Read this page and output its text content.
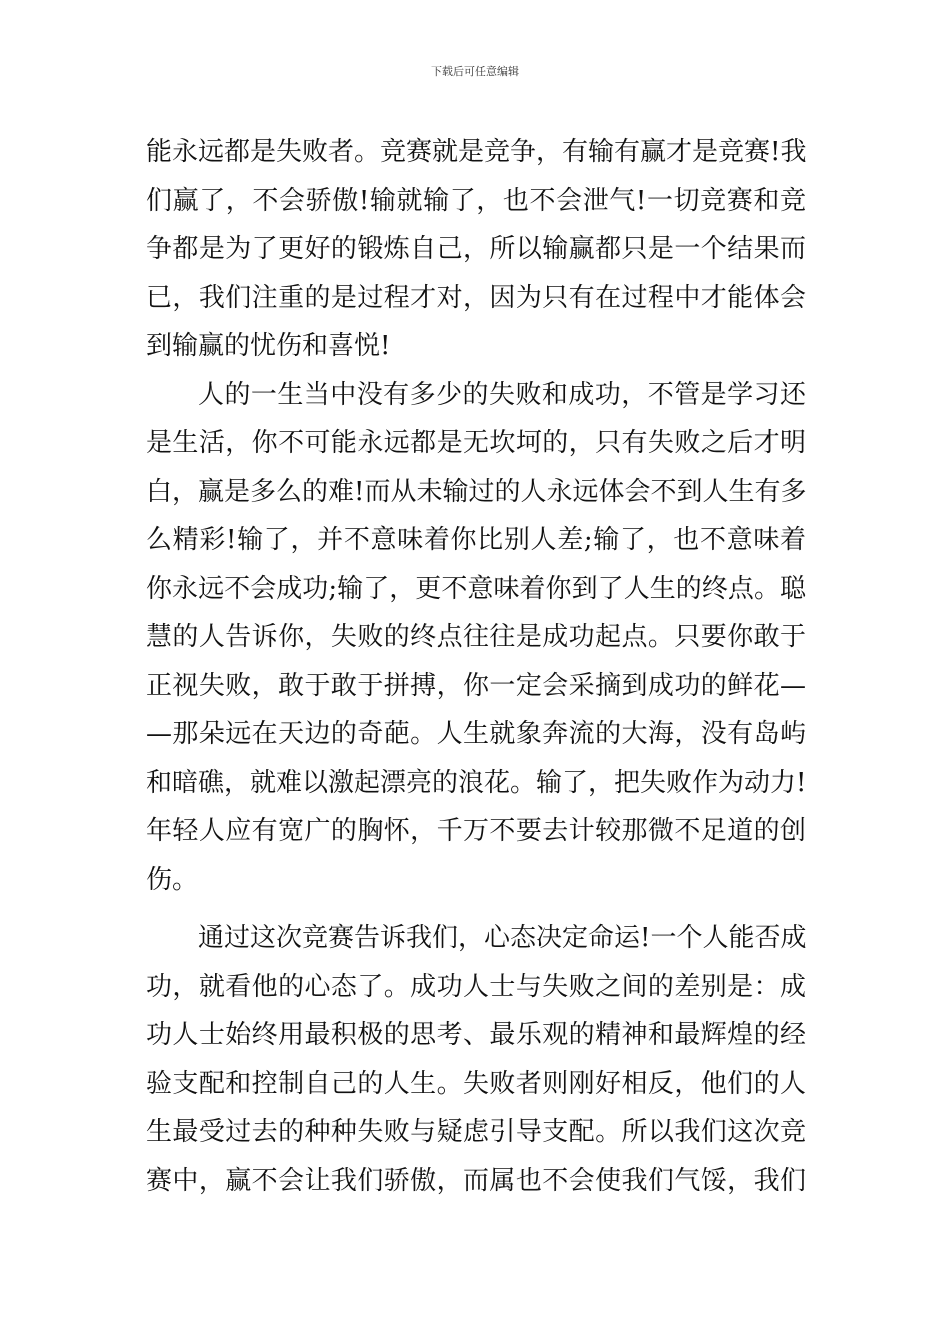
下载后可任意编辑
能永远都是失败者。竞赛就是竞争，有输有赢才是竞赛!我
们赢了，不会骄傲!输就输了，也不会泄气!一切竞赛和竞
争都是为了更好的锻炼自己，所以输赢都只是一个结果而
已，我们注重的是过程才对，因为只有在过程中才能体会
到输赢的忧伤和喜悦!
人的一生当中没有多少的失败和成功，不管是学习还
是生活，你不可能永远都是无坎坷的，只有失败之后才明
白，赢是多么的难!而从未输过的人永远体会不到人生有多
么精彩!输了，并不意味着你比别人差;输了，也不意味着
你永远不会成功;输了，更不意味着你到了人生的终点。聪
慧的人告诉你，失败的终点往往是成功起点。只要你敢于
正视失败，敢于敢于拼搏，你一定会采摘到成功的鲜花—
—那朵远在天边的奇葩。人生就象奔流的大海，没有岛屿
和暗礁，就难以激起漂亮的浪花。输了，把失败作为动力!
年轻人应有宽广的胸怀，千万不要去计较那微不足道的创
伤。
通过这次竞赛告诉我们，心态决定命运!一个人能否成
功，就看他的心态了。成功人士与失败之间的差别是：成
功人士始终用最积极的思考、最乐观的精神和最辉煌的经
验支配和控制自己的人生。失败者则刚好相反，他们的人
生最受过去的种种失败与疑虑引导支配。所以我们这次竞
赛中，赢不会让我们骄傲，而属也不会使我们气馁，我们
